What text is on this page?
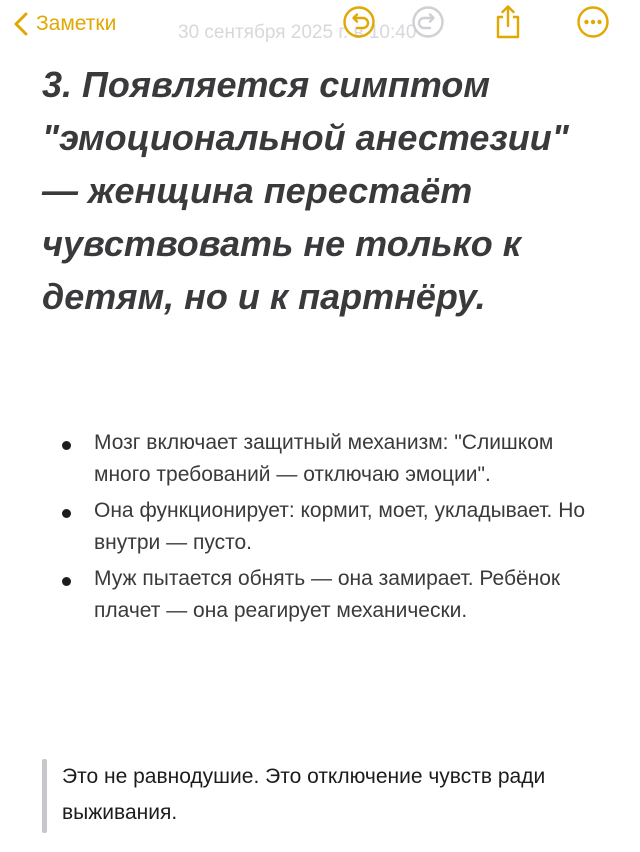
Заметки	30 сентября 2025 г. в 10:40
3. Появляется симптом "эмоциональной анестезии" — женщина перестаёт чувствовать не только к детям, но и к партнёру.
Мозг включает защитный механизм: "Слишком много требований — отключаю эмоции".
Она функционирует: кормит, моет, укладывает. Но внутри — пусто.
Муж пытается обнять — она замирает. Ребёнок плачет — она реагирует механически.
Это не равнодушие. Это отключение чувств ради выживания.
